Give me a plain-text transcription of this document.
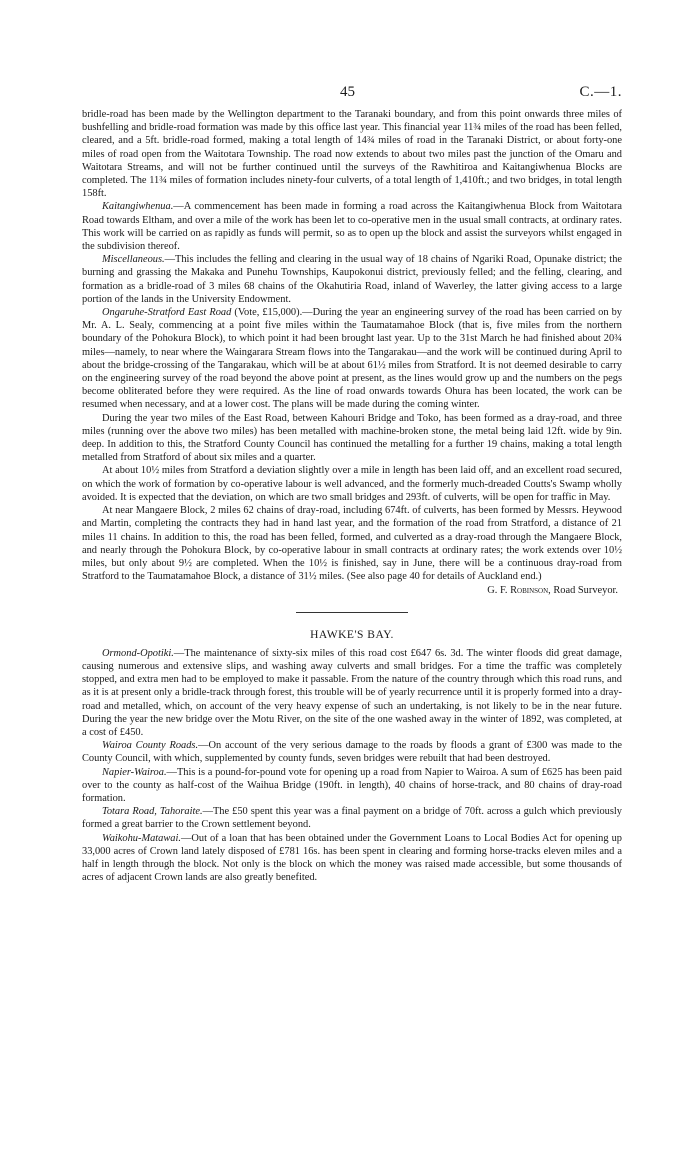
45	C.—1.

bridle-road has been made by the Wellington department to the Taranaki boundary, and from this point onwards three miles of bushfelling and bridle-road formation was made by this office last year. This financial year 11¾ miles of the road has been felled, cleared, and a 5ft. bridle-road formed, making a total length of 14¾ miles of road in the Taranaki District, or about forty-one miles of road open from the Waitotara Township. The road now extends to about two miles past the junction of the Omaru and Waitotara Streams, and will not be further continued until the surveys of the Rawhitiroa and Kaitangiwhenua Blocks are completed. The 11¾ miles of formation includes ninety-four culverts, of a total length of 1,410ft.; and two bridges, in total length 158ft.

Kaitangiwhenua.—A commencement has been made in forming a road across the Kaitangiwhenua Block from Waitotara Road towards Eltham, and over a mile of the work has been let to co-operative men in the usual small contracts, at ordinary rates. This work will be carried on as rapidly as funds will permit, so as to open up the block and assist the surveyors whilst engaged in the subdivision thereof.

Miscellaneous.—This includes the felling and clearing in the usual way of 18 chains of Ngariki Road, Opunake district; the burning and grassing the Makaka and Punehu Townships, Kaupokonui district, previously felled; and the felling, clearing, and formation as a bridle-road of 3 miles 68 chains of the Okahutiria Road, inland of Waverley, the latter giving access to a large portion of the lands in the University Endowment.

Ongaruhe-Stratford East Road (Vote, £15,000).—During the year an engineering survey of the road has been carried on by Mr. A. L. Sealy, commencing at a point five miles within the Taumatamahoe Block (that is, five miles from the northern boundary of the Pohokura Block), to which point it had been brought last year. Up to the 31st March he had finished about 20¾ miles—namely, to near where the Waingarara Stream flows into the Tangarakau—and the work will be continued during April to about the bridge-crossing of the Tangarakau, which will be at about 61½ miles from Stratford. It is not deemed desirable to carry on the engineering survey of the road beyond the above point at present, as the lines would grow up and the numbers on the pegs become obliterated before they were required. As the line of road onwards towards Ohura has been located, the work can be resumed when necessary, and at a lower cost. The plans will be made during the coming winter.

During the year two miles of the East Road, between Kahouri Bridge and Toko, has been formed as a dray-road, and three miles (running over the above two miles) has been metalled with machine-broken stone, the metal being laid 12ft. wide by 9in. deep. In addition to this, the Stratford County Council has continued the metalling for a further 19 chains, making a total length metalled from Stratford of about six miles and a quarter.

At about 10½ miles from Stratford a deviation slightly over a mile in length has been laid off, and an excellent road secured, on which the work of formation by co-operative labour is well advanced, and the formerly much-dreaded Coutts's Swamp wholly avoided. It is expected that the deviation, on which are two small bridges and 293ft. of culverts, will be open for traffic in May.

At near Mangaere Block, 2 miles 62 chains of dray-road, including 674ft. of culverts, has been formed by Messrs. Heywood and Martin, completing the contracts they had in hand last year, and the formation of the road from Stratford, a distance of 21 miles 11 chains. In addition to this, the road has been felled, formed, and culverted as a dray-road through the Mangaere Block, and nearly through the Pohokura Block, by co-operative labour in small contracts at ordinary rates; the work extends over 10½ miles, but only about 9½ are completed. When the 10½ is finished, say in June, there will be a continuous dray-road from Stratford to the Taumatamahoe Block, a distance of 31½ miles. (See also page 40 for details of Auckland end.)

G. F. Robinson, Road Surveyor.
HAWKE'S BAY.

Ormond-Opotiki.—The maintenance of sixty-six miles of this road cost £647 6s. 3d. The winter floods did great damage, causing numerous and extensive slips, and washing away culverts and small bridges. For a time the traffic was completely stopped, and extra men had to be employed to make it passable. From the nature of the country through which this road runs, and as it is at present only a bridle-track through forest, this trouble will be of yearly recurrence until it is properly formed into a dray-road and metalled, which, on account of the very heavy expense of such an undertaking, is not likely to be in the near future. During the year the new bridge over the Motu River, on the site of the one washed away in the winter of 1892, was completed, at a cost of £450.

Wairoa County Roads.—On account of the very serious damage to the roads by floods a grant of £300 was made to the County Council, with which, supplemented by county funds, seven bridges were rebuilt that had been destroyed.

Napier-Wairoa.—This is a pound-for-pound vote for opening up a road from Napier to Wairoa. A sum of £625 has been paid over to the county as half-cost of the Waihua Bridge (190ft. in length), 40 chains of horse-track, and 80 chains of dray-road formation.

Totara Road, Tahoraite.—The £50 spent this year was a final payment on a bridge of 70ft. across a gulch which previously formed a great barrier to the Crown settlement beyond.

Waikohu-Matawai.—Out of a loan that has been obtained under the Government Loans to Local Bodies Act for opening up 33,000 acres of Crown land lately disposed of £781 16s. has been spent in clearing and forming horse-tracks eleven miles and a half in length through the block. Not only is the block on which the money was raised made accessible, but some thousands of acres of adjacent Crown lands are also greatly benefited.
